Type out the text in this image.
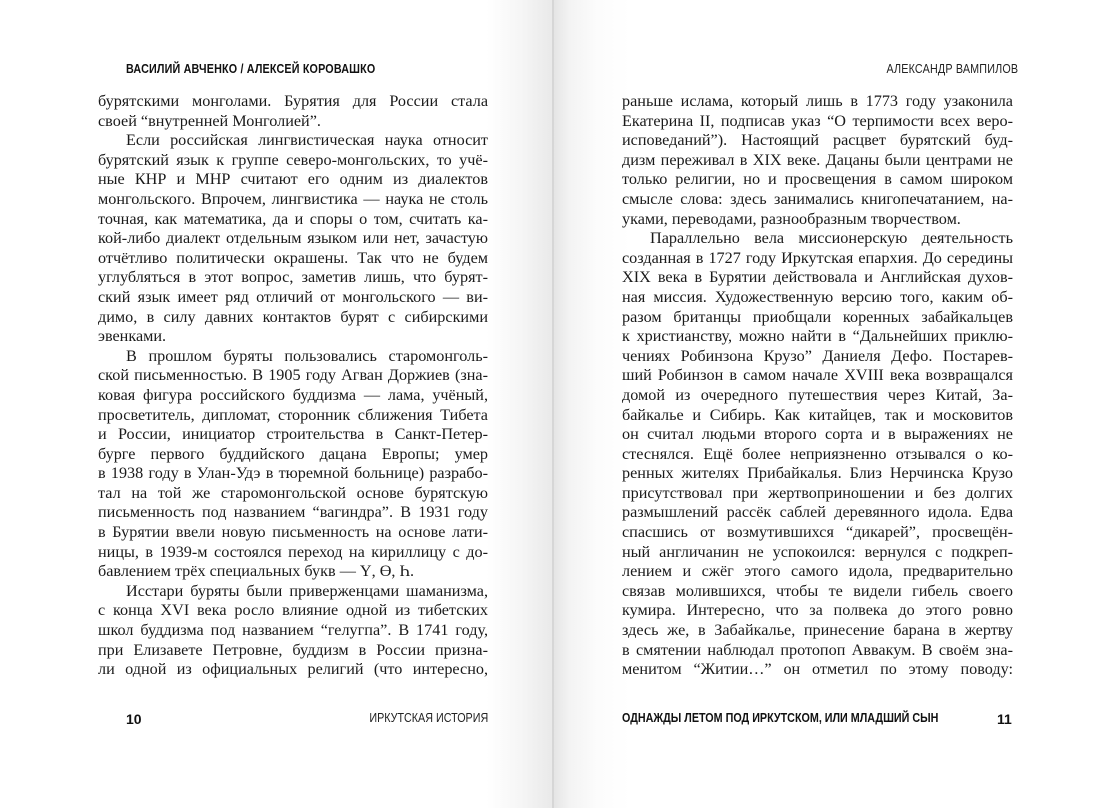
ВАСИЛИЙ АВЧЕНКО / АЛЕКСЕЙ КОРОВАШКО	АЛЕКСАНДР ВАМПИЛОВ

бурятскими монголами. Бурятия для России стала
своей “внутренней Монголией”.

Если российская лингвистическая наука относит
бурятский язык к группе северо-монгольских, то учё-
ные КНР и МНР считают его одним из диалектов
монгольского. Впрочем, лингвистика — наука не столь
точная, как математика, да и споры о том, считать ка-
кой-либо диалект отдельным языком или нет, зачастую
отчётливо политически окрашены. Так что не будем
углубляться в этот вопрос, заметив лишь, что бурят-
ский язык имеет ряд отличий от монгольского — ви-
димо, в силу давних контактов бурят с сибирскими
эвенками.

В прошлом буряты пользовались старомонголь-
ской письменностью. В 1905 году Агван Доржиев (зна-
ковая фигура российского буддизма — лама, учёный,
просветитель, дипломат, сторонник сближения Тибета
и России, инициатор строительства в Санкт-Петер-
бурге первого буддийского дацана Европы; умер
в 1938 году в Улан-Удэ в тюремной больнице) разрабо-
тал на той же старомонгольской основе бурятскую
письменность под названием “вагиндра”. В 1931 году
в Бурятии ввели новую письменность на основе лати-
ницы, в 1939-м состоялся переход на кириллицу с до-
бавлением трёх специальных букв — Ү, Ө, Һ.

Исстари буряты были приверженцами шаманизма,
с конца XVI века росло влияние одной из тибетских
школ буддизма под названием “гелугпа”. В 1741 году,
при Елизавете Петровне, буддизм в России призна-
ли одной из официальных религий (что интересно,

раньше ислама, который лишь в 1773 году узаконила
Екатерина II, подписав указ “О терпимости всех веро-
исповеданий”). Настоящий расцвет бурятский буд-
дизм переживал в XIX веке. Дацаны были центрами не
только религии, но и просвещения в самом широком
смысле слова: здесь занимались книгопечатанием, на-
уками, переводами, разнообразным творчеством.

Параллельно вела миссионерскую деятельность
созданная в 1727 году Иркутская епархия. До середины
XIX века в Бурятии действовала и Английская духов-
ная миссия. Художественную версию того, каким об-
разом британцы приобщали коренных забайкальцев
к христианству, можно найти в “Дальнейших приклю-
чениях Робинзона Крузо” Даниеля Дефо. Постарев-
ший Робинзон в самом начале XVIII века возвращался
домой из очередного путешествия через Китай, За-
байкалье и Сибирь. Как китайцев, так и московитов
он считал людьми второго сорта и в выражениях не
стеснялся. Ещё более неприязненно отзывался о ко-
ренных жителях Прибайкалья. Близ Нерчинска Крузо
присутствовал при жертвоприношении и без долгих
размышлений рассёк саблей деревянного идола. Едва
спасшись от возмутившихся “дикарей”, просвещён-
ный англичанин не успокоился: вернулся с подкреп-
лением и сжёг этого самого идола, предварительно
связав молившихся, чтобы те видели гибель своего
кумира. Интересно, что за полвека до этого ровно
здесь же, в Забайкалье, принесение барана в жертву
в смятении наблюдал протопоп Аввакум. В своём зна-
менитом “Житии…” он отметил по этому поводу:

10	ИРКУТСКАЯ ИСТОРИЯ	ОДНАЖДЫ ЛЕТОМ ПОД ИРКУТСКОМ, ИЛИ МЛАДШИЙ СЫН	11
